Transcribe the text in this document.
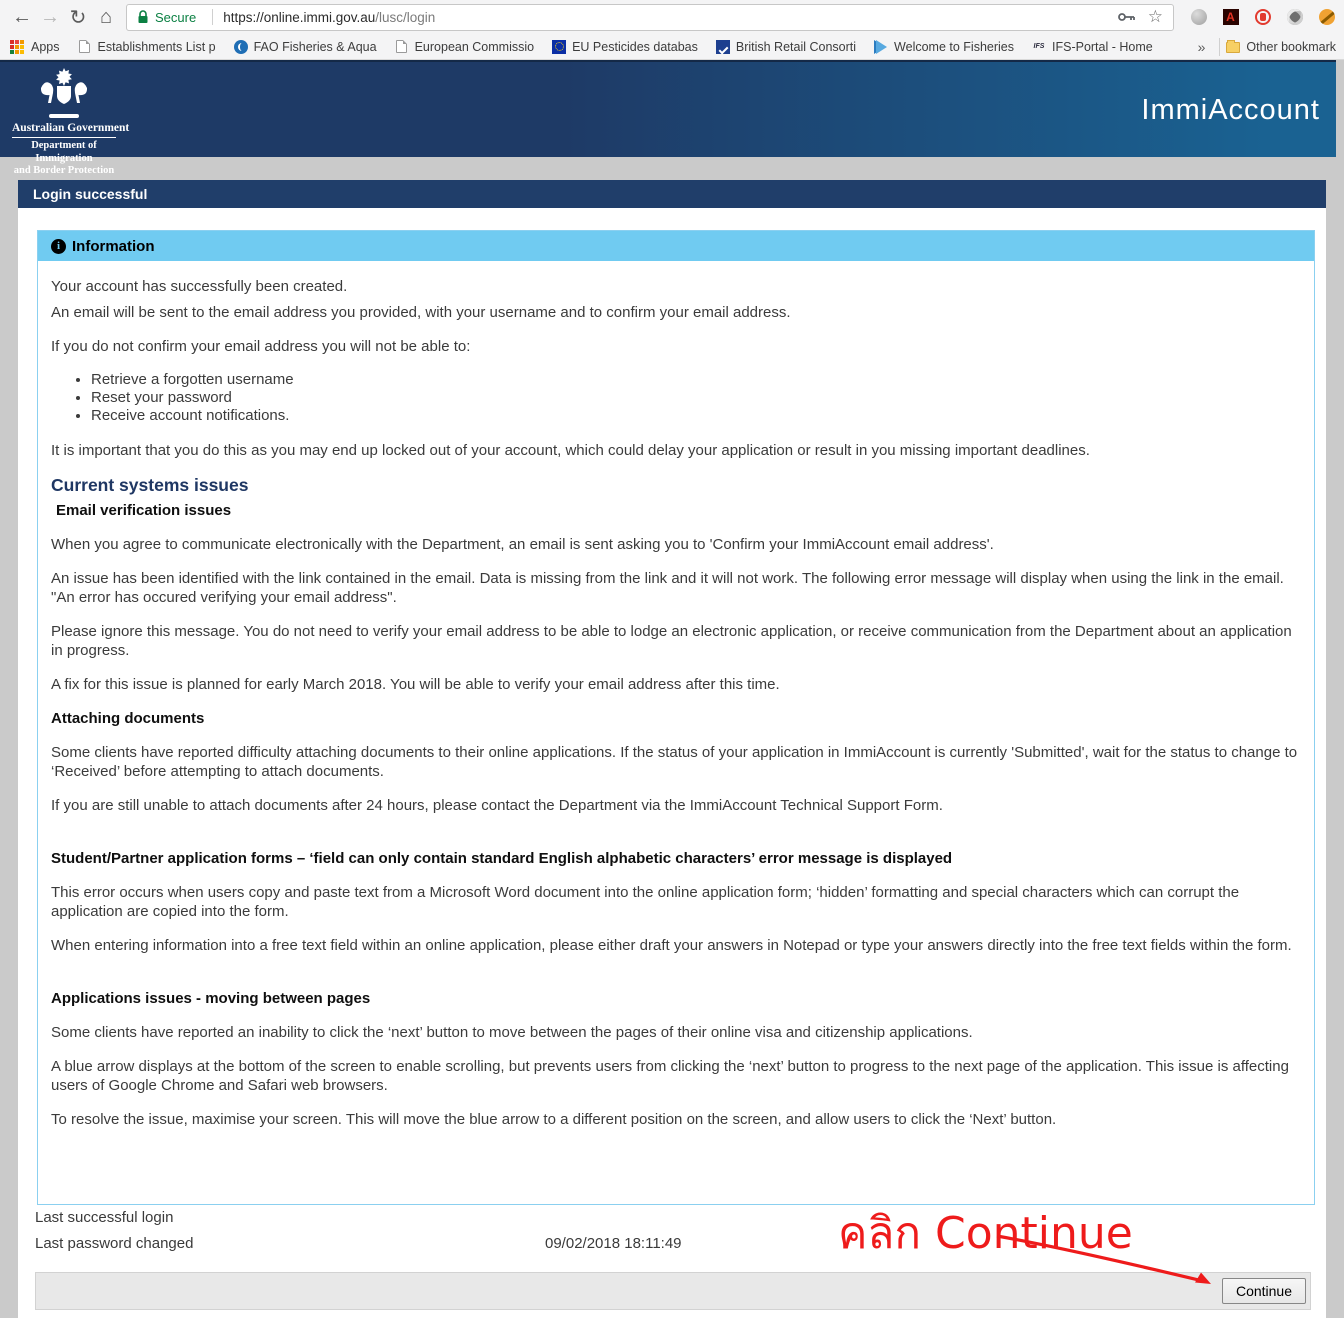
← → ↻ ⌂	Secure https://online.immi.gov.au /lusc/login	☆	A
Apps	Establishments List p	FAO Fisheries & Aqua	European Commissio	EU Pesticides databas	British Retail Consorti	Welcome to Fisheries	IFS IFS-Portal - Home	»	Other bookmark
Australian Government
Department of Immigration
and Border Protection
ImmiAccount
Login successful
i Information

Your account has successfully been created.

An email will be sent to the email address you provided, with your username and to confirm your email address.

If you do not confirm your email address you will not be able to:

• Retrieve a forgotten username
• Reset your password
• Receive account notifications.

It is important that you do this as you may end up locked out of your account, which could delay your application or result in you missing important deadlines.

Current systems issues
Email verification issues

When you agree to communicate electronically with the Department, an email is sent asking you to 'Confirm your ImmiAccount email address'.

An issue has been identified with the link contained in the email. Data is missing from the link and it will not work. The following error message will display when using the link in the email. "An error has occured verifying your email address".

Please ignore this message. You do not need to verify your email address to be able to lodge an electronic application, or receive communication from the Department about an application in progress.

A fix for this issue is planned for early March 2018. You will be able to verify your email address after this time.

Attaching documents

Some clients have reported difficulty attaching documents to their online applications. If the status of your application in ImmiAccount is currently 'Submitted', wait for the status to change to ‘Received’ before attempting to attach documents.

If you are still unable to attach documents after 24 hours, please contact the Department via the ImmiAccount Technical Support Form.

Student/Partner application forms – ‘field can only contain standard English alphabetic characters’ error message is displayed

This error occurs when users copy and paste text from a Microsoft Word document into the online application form; ‘hidden’ formatting and special characters which can corrupt the application are copied into the form.

When entering information into a free text field within an online application, please either draft your answers in Notepad or type your answers directly into the free text fields within the form.

Applications issues - moving between pages

Some clients have reported an inability to click the ‘next’ button to move between the pages of their online visa and citizenship applications.

A blue arrow displays at the bottom of the screen to enable scrolling, but prevents users from clicking the ‘next’ button to progress to the next page of the application. This issue is affecting users of Google Chrome and Safari web browsers.

To resolve the issue, maximise your screen. This will move the blue arrow to a different position on the screen, and allow users to click the ‘Next’ button.

Last successful login
Last password changed	09/02/2018 18:11:49
Continue
คลิก Continue
